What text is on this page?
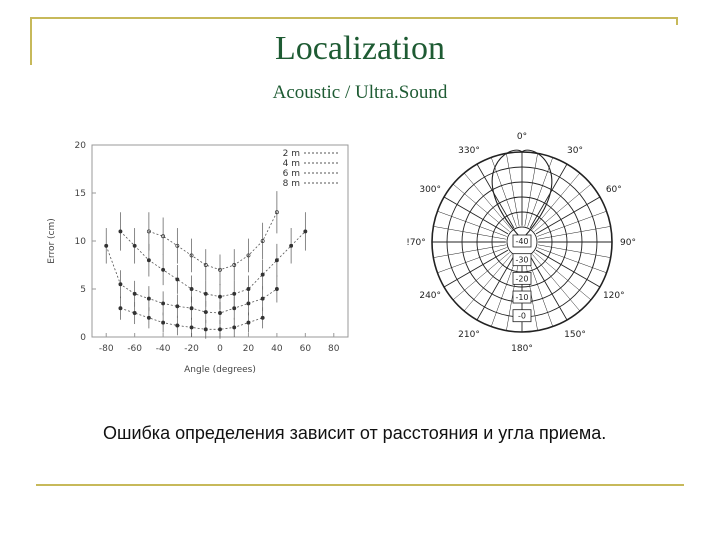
Localization
Acoustic / Ultra.Sound
Angle (degrees)
Error (cm)
-80 -60 -40 -20 0 20 40 60 80
0
5
10
15
20
2 m
4 m
6 m
8 m
0°
30°
60°
90°
120°
150°
180°
210°
240°
!70°
300°
330°
-0
-10
-20
-30
-40
Ошибка определения зависит от расстояния и угла приема.
